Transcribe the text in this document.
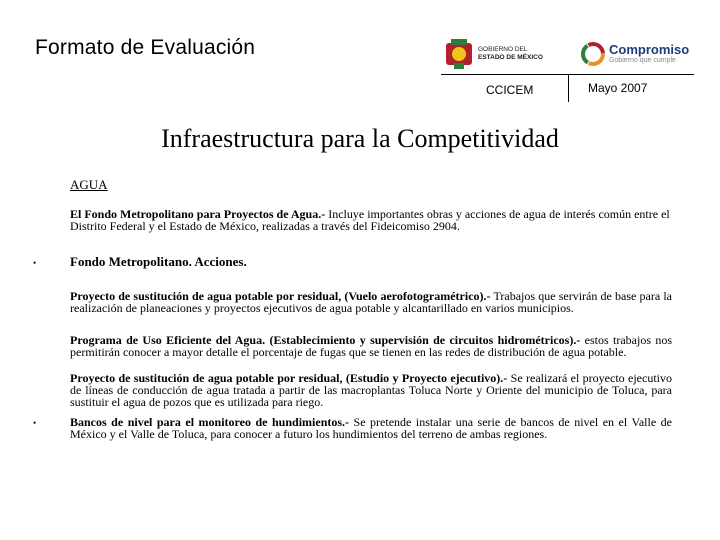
Formato de Evaluación	GOBIERNO DEL
ESTADO DE MÉXICO
Compromiso
Gobierno que cumple
CCICEM	Mayo 2007
Infraestructura para la Competitividad
AGUA
El Fondo Metropolitano para Proyectos de Agua.- Incluye importantes obras y acciones de agua de interés común entre el Distrito Federal y el Estado de México, realizadas a través del Fideicomiso 2904.
•	Fondo Metropolitano. Acciones.
Proyecto de sustitución de agua potable por residual, (Vuelo aerofotogramétrico).- Trabajos que servirán de base para la realización de planeaciones y proyectos ejecutivos de agua potable y alcantarillado en varios municipios.
Programa de Uso Eficiente del Agua. (Establecimiento y supervisión de circuitos hidrométricos).- estos trabajos nos permitirán conocer a mayor detalle el porcentaje de fugas que se tienen en las redes de distribución de agua potable.
Proyecto de sustitución de agua potable por residual, (Estudio y Proyecto ejecutivo).- Se realizará el proyecto ejecutivo de líneas de conducción de agua tratada a partir de las macroplantas Toluca Norte y Oriente del municipio de Toluca, para sustituir el agua de pozos que es utilizada para riego.
•	Bancos de nivel para el monitoreo de hundimientos.- Se pretende instalar una serie de bancos de nivel en el Valle de México y el Valle de Toluca, para conocer a futuro los hundimientos del terreno de ambas regiones.
